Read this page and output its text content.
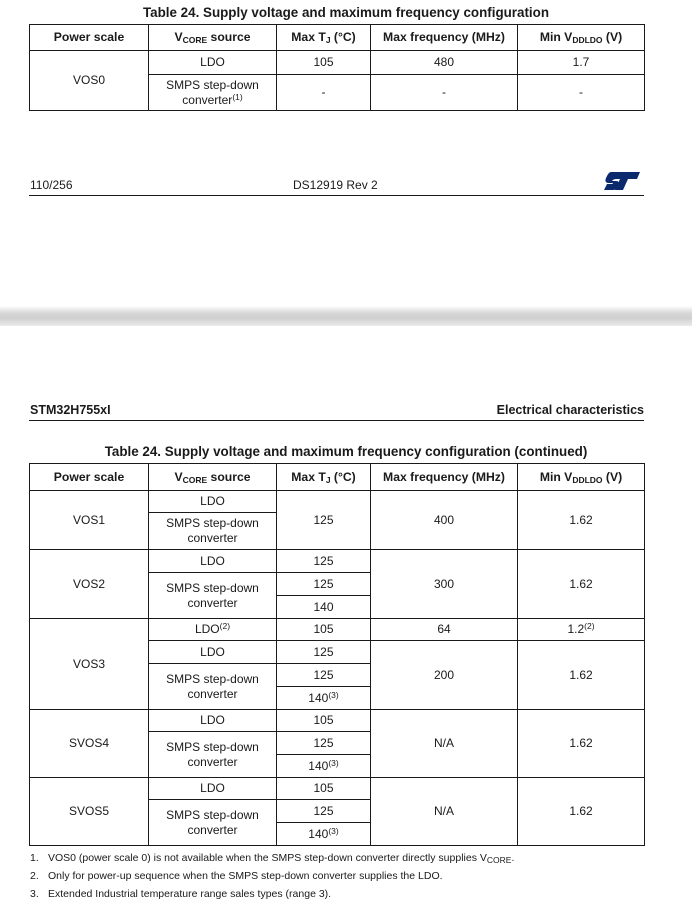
Table 24. Supply voltage and maximum frequency configuration
Power scale	$V_{CORE}$ source	Max $T_J$ (°C)	Max frequency (MHz)	Min $V_{DDLDO}$ (V)
VOS0	LDO	105	480	1.7
	SMPS step-down
converter$^{(1)}$	-	-	-
110/256	DS12919 Rev 2
STM32H755xI	Electrical characteristics
Table 24. Supply voltage and maximum frequency configuration (continued)
Power scale	$V_{CORE}$ source	Max $T_J$ (°C)	Max frequency (MHz)	Min $V_{DDLDO}$ (V)
VOS1	LDO	125	400	1.62
	SMPS step-down
converter			
VOS2	LDO	125	300	1.62
	SMPS step-down
converter	125		
		140		
VOS3	LDO$^{(2)}$	105	64	1.2$^{(2)}$
	LDO	125	200	1.62
	SMPS step-down
converter	125		
		140$^{(3)}$
SVOS4	LDO	105	N/A	1.62
	SMPS step-down
converter	125		
		140$^{(3)}$
SVOS5	LDO	105	N/A	1.62
	SMPS step-down
converter	125		
		140$^{(3)}$
1. VOS0 (power scale 0) is not available when the SMPS step-down converter directly supplies $V_{CORE}$.
2. Only for power-up sequence when the SMPS step-down converter supplies the LDO.
3. Extended Industrial temperature range sales types (range 3).
